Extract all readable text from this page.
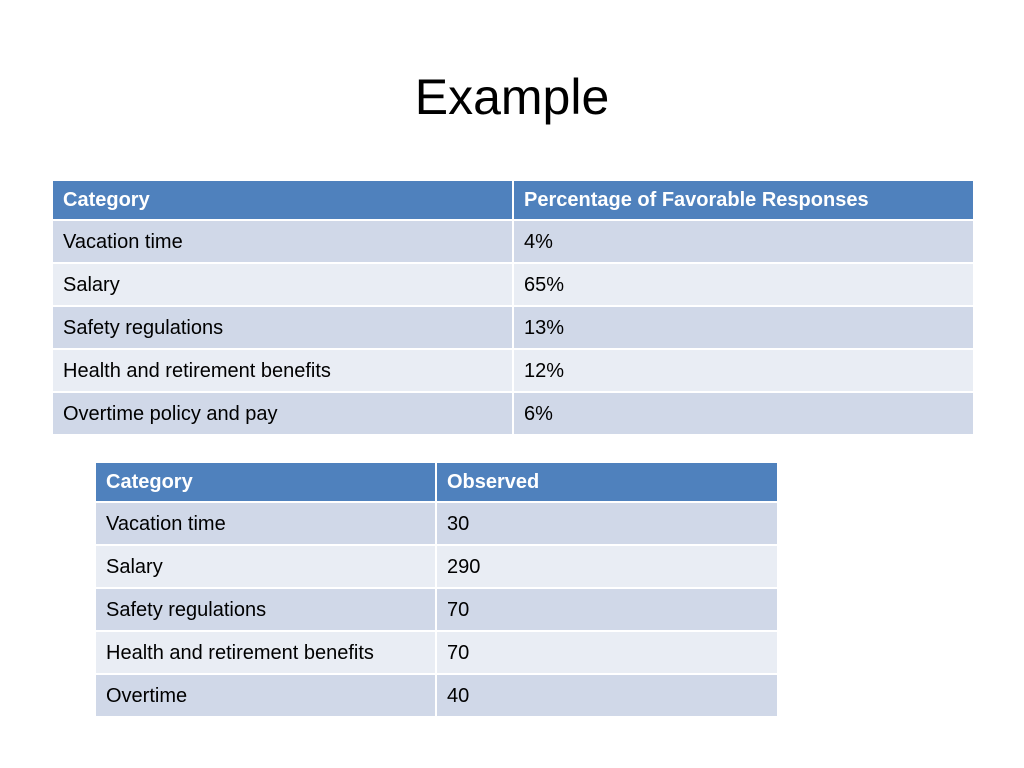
Example
Category	Percentage of Favorable Responses
Vacation time	4%
Salary	65%
Safety regulations	13%
Health and retirement benefits	12%
Overtime policy and pay	6%
Category	Observed
Vacation time	30
Salary	290
Safety regulations	70
Health and retirement benefits	70
Overtime	40
